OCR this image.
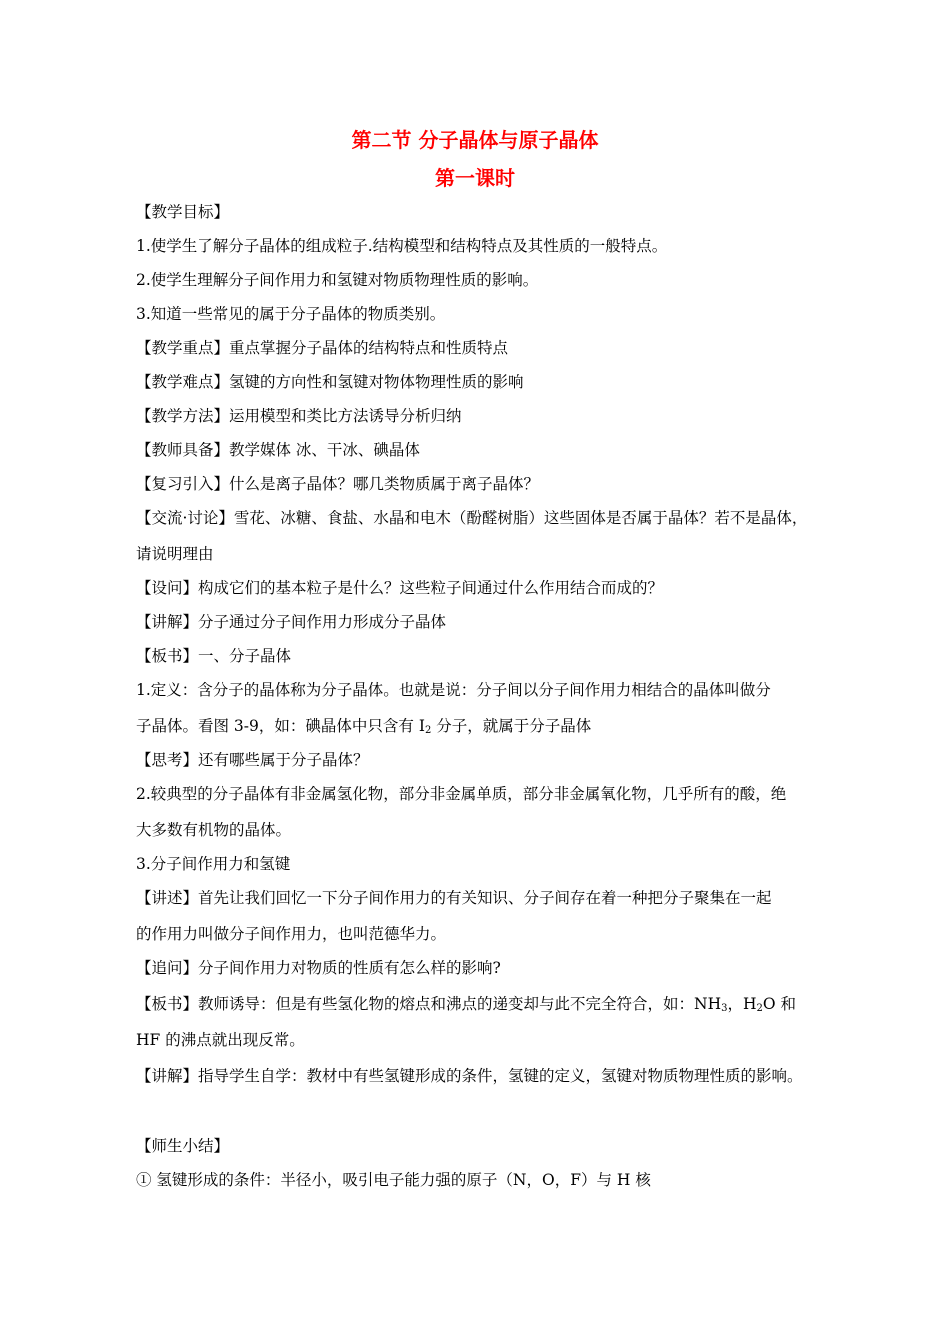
第二节 分子晶体与原子晶体
第一课时
【教学目标】
1.使学生了解分子晶体的组成粒子.结构模型和结构特点及其性质的一般特点。
2.使学生理解分子间作用力和氢键对物质物理性质的影响。
3.知道一些常见的属于分子晶体的物质类别。
【教学重点】重点掌握分子晶体的结构特点和性质特点
【教学难点】氢键的方向性和氢键对物体物理性质的影响
【教学方法】运用模型和类比方法诱导分析归纳
【教师具备】教学媒体 冰、干冰、碘晶体
【复习引入】什么是离子晶体？哪几类物质属于离子晶体？
【交流·讨论】雪花、冰糖、食盐、水晶和电木（酚醛树脂）这些固体是否属于晶体？若不是晶体，
请说明理由
【设问】构成它们的基本粒子是什么？这些粒子间通过什么作用结合而成的？
【讲解】分子通过分子间作用力形成分子晶体
【板书】一、分子晶体
1.定义：含分子的晶体称为分子晶体。也就是说：分子间以分子间作用力相结合的晶体叫做分
子晶体。看图 3-9，如：碘晶体中只含有 $I_2$ 分子，就属于分子晶体
【思考】还有哪些属于分子晶体？
2.较典型的分子晶体有非金属氢化物，部分非金属单质，部分非金属氧化物，几乎所有的酸，绝
大多数有机物的晶体。
3.分子间作用力和氢键
【讲述】首先让我们回忆一下分子间作用力的有关知识、分子间存在着一种把分子聚集在一起
的作用力叫做分子间作用力，也叫范德华力。
【追问】分子间作用力对物质的性质有怎么样的影响?
【板书】教师诱导：但是有些氢化物的熔点和沸点的递变却与此不完全符合，如：$NH_3$，$H_2O$ 和
HF 的沸点就出现反常。
【讲解】指导学生自学：教材中有些氢键形成的条件，氢键的定义，氢键对物质物理性质的影响。
【师生小结】
① 氢键形成的条件：半径小，吸引电子能力强的原子（N，O，F）与 H 核
